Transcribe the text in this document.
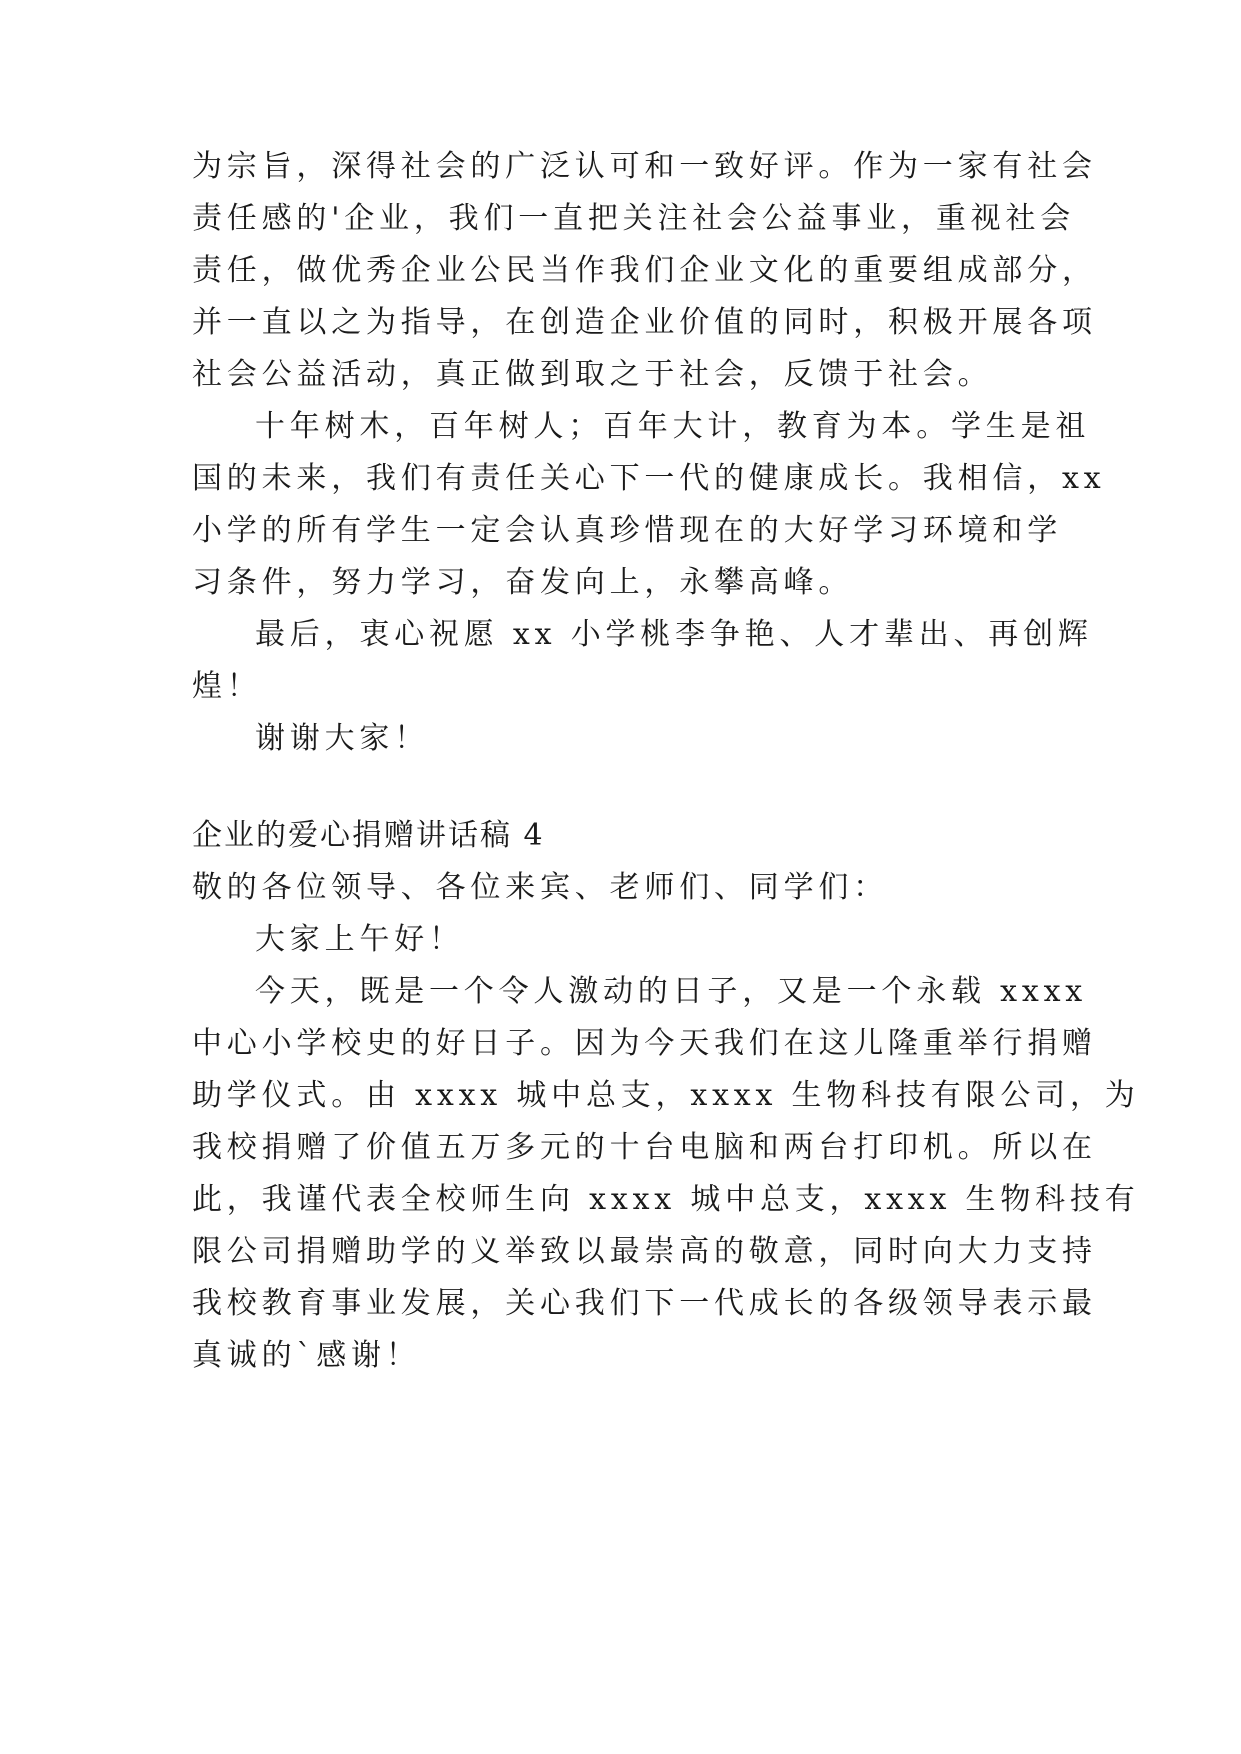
为宗旨，深得社会的广泛认可和一致好评。作为一家有社会
责任感的'企业，我们一直把关注社会公益事业，重视社会
责任，做优秀企业公民当作我们企业文化的重要组成部分，
并一直以之为指导，在创造企业价值的同时，积极开展各项
社会公益活动，真正做到取之于社会，反馈于社会。
十年树木，百年树人；百年大计，教育为本。学生是祖
国的未来，我们有责任关心下一代的健康成长。我相信，xx
小学的所有学生一定会认真珍惜现在的大好学习环境和学
习条件，努力学习，奋发向上，永攀高峰。
最后，衷心祝愿 xx 小学桃李争艳、人才辈出、再创辉
煌！
谢谢大家！
企业的爱心捐赠讲话稿 4
敬的各位领导、各位来宾、老师们、同学们：
大家上午好！
今天，既是一个令人激动的日子，又是一个永载 xxxx
中心小学校史的好日子。因为今天我们在这儿隆重举行捐赠
助学仪式。由 xxxx 城中总支，xxxx 生物科技有限公司，为
我校捐赠了价值五万多元的十台电脑和两台打印机。所以在
此，我谨代表全校师生向 xxxx 城中总支，xxxx 生物科技有
限公司捐赠助学的义举致以最崇高的敬意，同时向大力支持
我校教育事业发展，关心我们下一代成长的各级领导表示最
真诚的`感谢！
